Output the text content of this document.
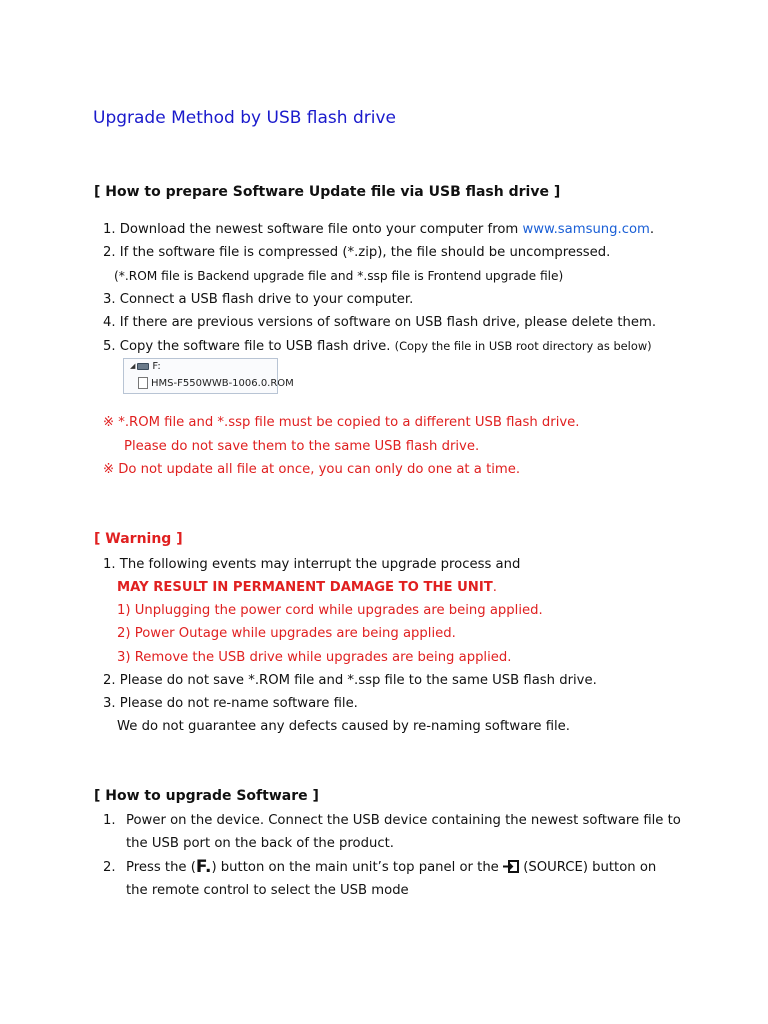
Upgrade Method by USB flash drive
[ How to prepare Software Update file via USB flash drive ]
1. Download the newest software file onto your computer from www.samsung.com.
2. If the software file is compressed (*.zip), the file should be uncompressed.
(*.ROM file is Backend upgrade file and *.ssp file is Frontend upgrade file)
3. Connect a USB flash drive to your computer.
4. If there are previous versions of software on USB flash drive, please delete them.
5. Copy the software file to USB flash drive. (Copy the file in USB root directory as below)
◢ F:
HMS-F550WWB-1006.0.ROM
※ *.ROM file and *.ssp file must be copied to a different USB flash drive.
Please do not save them to the same USB flash drive.
※ Do not update all file at once, you can only do one at a time.
[ Warning ]
1. The following events may interrupt the upgrade process and
MAY RESULT IN PERMANENT DAMAGE TO THE UNIT.
1) Unplugging the power cord while upgrades are being applied.
2) Power Outage while upgrades are being applied.
3) Remove the USB drive while upgrades are being applied.
2. Please do not save *.ROM file and *.ssp file to the same USB flash drive.
3. Please do not re-name software file.
We do not guarantee any defects caused by re-naming software file.
[ How to upgrade Software ]
1. Power on the device. Connect the USB device containing the newest software file to
the USB port on the back of the product.
2. Press the (F.) button on the main unit’s top panel or the (SOURCE) button on
the remote control to select the USB mode
